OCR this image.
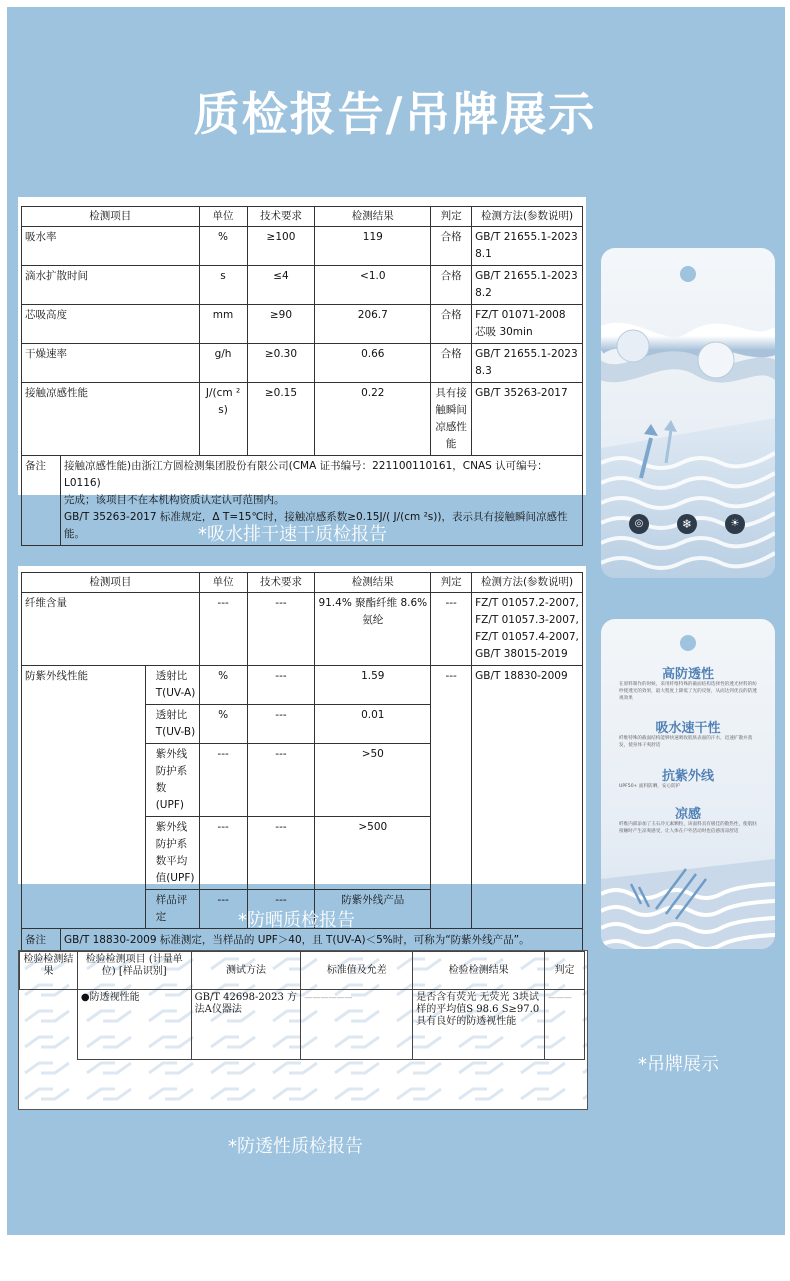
质检报告/吊牌展示
检测项目	单位	技术要求	检测结果	判定	检测方法(参数说明)
吸水率	%	≥100	119	合格	GB/T 21655.1-2023 8.1
滴水扩散时间	s	≤4	<1.0	合格	GB/T 21655.1-2023 8.2
芯吸高度	mm	≥90	206.7	合格	FZ/T 01071-2008 芯吸 30min
干燥速率	g/h	≥0.30	0.66	合格	GB/T 21655.1-2023 8.3
接触凉感性能	J/(cm ² s)	≥0.15	0.22	具有接触瞬间凉感性能	GB/T 35263-2017

备注 接触凉感性能)由浙江方圆检测集团股份有限公司(CMA 证书编号：221100110161，CNAS 认可编号：L0116)
完成；该项目不在本机构资质认定认可范围内。
GB/T 35263-2017 标准规定，Δ T=15℃时，接触凉感系数≥0.15J/( J/(cm ²s))，表示具有接触瞬间凉感性能。						*吸水排干速干质检报告
检测项目		单位	技术要求	检测结果	判定	检测方法(参数说明)
纤维含量		---	---	91.4% 聚酯纤维 8.6% 氨纶	---	FZ/T 01057.2-2007, FZ/T 01057.3-2007, FZ/T 01057.4-2007, GB/T 38015-2019
防紫外线性能	透射比 T(UV-A)	%	---	1.59	---	GB/T 18830-2009
	透射比 T(UV-B)	%	---	0.01		
	紫外线防护系数 (UPF)	---	---	>50		
	紫外线防护系数平均值(UPF)	---	---	>500		
	样品评定	---	---	防紫外线产品		

备注 GB/T 18830-2009 标准测定，当样品的 UPF＞40，且 T(UV-A)＜5%时，可称为“防紫外线产品”。						
*防晒质检报告
检验检测结果	检验检测项目 (计量单位) [样品识别]	测试方法	标准值及允差	检验检测结果	判定
	●防透视性能	GB/T 42698-2023 方法A仪器法	——————	是否含有荧光 无荧光 3块试样的平均值S 98.6 S≥97.0 具有良好的防透视性能	———
*防透性质检报告
◎	❄	☀
高防透性
在原料制作的时候，采用纤维特殊的截面结构选择性的透光材料的纺纱使透光的效果，最大程度上降低了光的反射，从而达到优良的防透视效果
吸水速干性
纤维特殊的截面结构能够快速吸收肌肤表面的汗水，迅速扩散并蒸发，使身体干爽舒适
抗紫外线
UPF50+ 面料防晒，安心防护
凉感
纤维内部添加了玉石冷元素颗粒，该面料具有极佳的散热性，使肌肤接触时产生凉爽感受，让人体在户外活动时也倍感清凉舒适
*吊牌展示
